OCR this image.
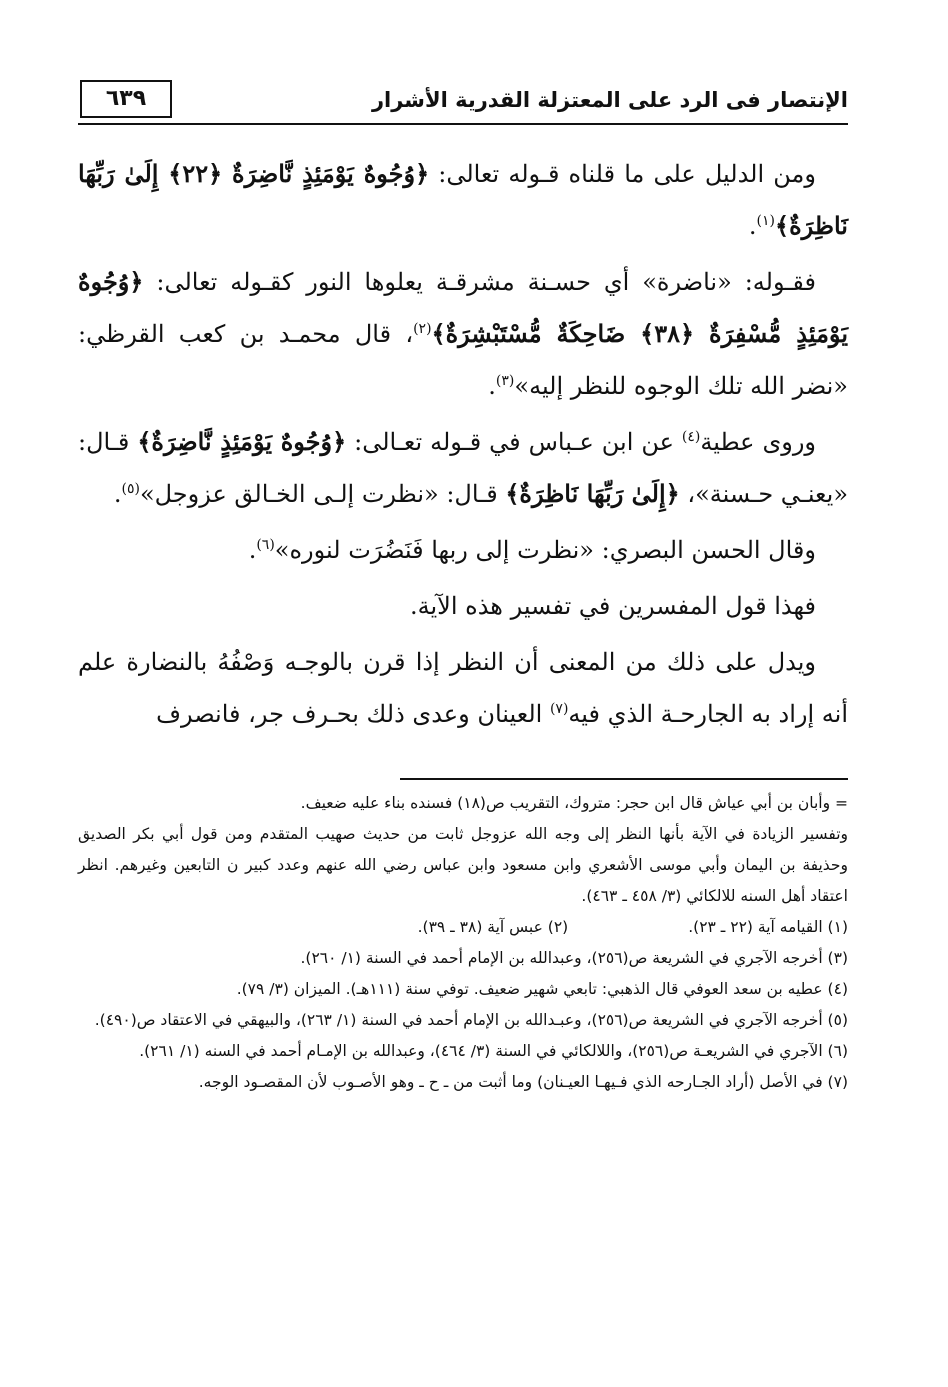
٦٣٩	الإنتصار فى الرد على المعتزلة القدرية الأشرار

ومن الدليل على ما قلناه قـوله تعالى: ﴿وُجُوهٌ يَوْمَئِذٍ نَّاضِرَةٌ ﴿٢٢﴾ إِلَىٰ رَبِّهَا نَاظِرَةٌ﴾$^{(١)}$.

فقـوله: «ناضرة» أي حسـنة مشرقـة يعلوها النور كقـوله تعالى: ﴿وُجُوهٌ يَوْمَئِذٍ مُّسْفِرَةٌ ﴿٣٨﴾ ضَاحِكَةٌ مُّسْتَبْشِرَةٌ﴾$^{(٢)}$، قال محمـد بن كعب القرظي: «نضر الله تلك الوجوه للنظر إليه»$^{(٣)}$.

وروى عطية$^{(٤)}$ عن ابن عـباس في قـوله تعـالى: ﴿وُجُوهٌ يَوْمَئِذٍ نَّاضِرَةٌ﴾ قـال: «يعنـي حـسنة»، ﴿إِلَىٰ رَبِّهَا نَاظِرَةٌ﴾ قـال: «نظرت إلـى الخـالق عزوجل»$^{(٥)}$.

وقال الحسن البصري: «نظرت إلى ربها فَنَضُرَت لنوره»$^{(٦)}$.

فهذا قول المفسرين في تفسير هذه الآية.

ويدل على ذلك من المعنى أن النظر إذا قرن بالوجـه وَصْفُهُ بالنضارة علم أنه إراد به الجارحـة الذي فيه$^{(٧)}$ العينان وعدى ذلك بحـرف جر، فانصرف

= وأبان بن أبي عياش قال ابن حجر: متروك، التقريب ص(١٨) فسنده بناء عليه ضعيف.

وتفسير الزيادة في الآية بأنها النظر إلى وجه الله عزوجل ثابت من حديث صهيب المتقدم ومن قول أبي بكر الصديق وحذيفة بن اليمان وأبي موسى الأشعري وابن مسعود وابن عباس رضي الله عنهم وعدد كبير ن التابعين وغيرهم. انظر اعتقاد أهل السنه للالكائي (٣/ ٤٥٨ ـ ٤٦٣).

(١) القيامه آية (٢٢ ـ ٢٣).

(٢) عبس آية (٣٨ ـ ٣٩).

(٣) أخرجه الآجري في الشريعة ص(٢٥٦)، وعبدالله بن الإمام أحمد في السنة (١/ ٢٦٠).

(٤) عطيه بن سعد العوفي قال الذهبي: تابعي شهير ضعيف. توفي سنة (١١١هـ). الميزان (٣/ ٧٩).

(٥) أخرجه الآجري في الشريعة ص(٢٥٦)، وعبـدالله بن الإمام أحمد في السنة (١/ ٢٦٣)، والبيهقي في الاعتقاد ص(٤٩٠).

(٦) الآجري في الشريعـة ص(٢٥٦)، واللالكائي في السنة (٣/ ٤٦٤)، وعبدالله بن الإمـام أحمد في السنه (١/ ٢٦١).

(٧) في الأصل (أراد الجـارحه الذي فـيهـا العيـنان) وما أثبت من ـ ح ـ وهو الأصـوب لأن المقصـود الوجه.
